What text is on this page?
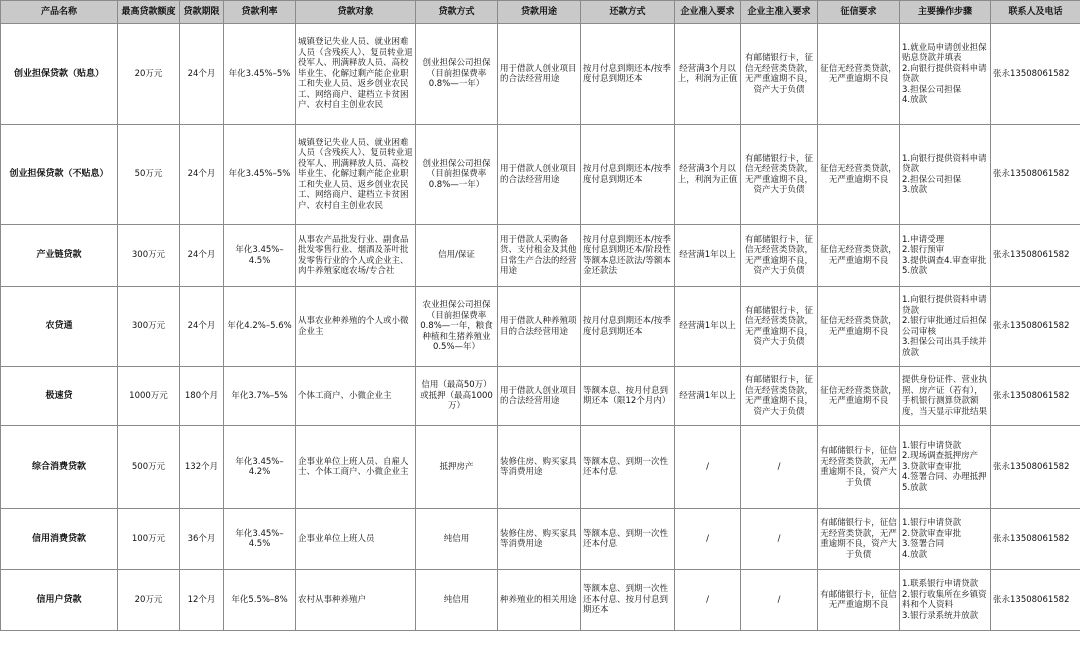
产品名称	最高贷款额度	贷款期限	贷款利率	贷款对象	贷款方式	贷款用途	还款方式	企业准入要求	企业主准入要求	征信要求	主要操作步骤	联系人及电话
创业担保贷款（贴息）	20万元	24个月	年化3.45%–5%	城镇登记失业人员、就业困难人员（含残疾人）、复员转业退役军人、刑满释放人员、高校毕业生、化解过剩产能企业职工和失业人员、返乡创业农民工、网络商户、建档立卡贫困户、农村自主创业农民	创业担保公司担保（目前担保费率0.8%—一年）	用于借款人创业项目的合法经营用途	按月付息到期还本/按季度付息到期还本	经营满3个月以上，利润为正值	有邮储银行卡，征信无经营类贷款，无严重逾期不良，资产大于负债	征信无经营类贷款，无严重逾期不良	1.就业局申请创业担保贴息贷款并填表
2.向银行提供资料申请贷款
3.担保公司担保
4.放款	张永13508061582
创业担保贷款（不贴息）	50万元	24个月	年化3.45%–5%	城镇登记失业人员、就业困难人员（含残疾人）、复员转业退役军人、刑满释放人员、高校毕业生、化解过剩产能企业职工和失业人员、返乡创业农民工、网络商户、建档立卡贫困户、农村自主创业农民	创业担保公司担保（目前担保费率0.8%—一年）	用于借款人创业项目的合法经营用途	按月付息到期还本/按季度付息到期还本	经营满3个月以上，利润为正值	有邮储银行卡，征信无经营类贷款，无严重逾期不良，资产大于负债	征信无经营类贷款，无严重逾期不良	1.向银行提供资料申请贷款
2.担保公司担保
3.放款	张永13508061582
产业链贷款	300万元	24个月	年化3.45%–4.5%	从事农产品批发行业、副食品批发零售行业、烟酒及茶叶批发零售行业的个人或企业主、肉牛养殖家庭农场/专合社	信用/保证	用于借款人采购备货、支付租金及其他日常生产合法的经营用途	按月付息到期还本/按季度付息到期还本/阶段性等额本息还款法/等额本金还款法	经营满1年以上	有邮储银行卡，征信无经营类贷款，无严重逾期不良，资产大于负债	征信无经营类贷款，无严重逾期不良	1.申请受理
2.银行预审
3.提供调查4.审查审批5.放款	张永13508061582
农贷通	300万元	24个月	年化4.2%–5.6%	从事农业种养殖的个人或小微企业主	农业担保公司担保（目前担保费率0.8%—一年，粮食种植和生猪养殖业0.5%—年）	用于借款人种养殖项目的合法经营用途	按月付息到期还本/按季度付息到期还本	经营满1年以上	有邮储银行卡，征信无经营类贷款，无严重逾期不良，资产大于负债	征信无经营类贷款，无严重逾期不良	1.向银行提供资料申请贷款
2.银行审批通过后担保公司审核
3.担保公司出具手续并放款	张永13508061582
极速贷	1000万元	180个月	年化3.7%–5%	个体工商户、小微企业主	信用（最高50万）或抵押（最高1000万）	用于借款人创业项目的合法经营用途	等额本息、按月付息到期还本（限12个月内）	经营满1年以上	有邮储银行卡，征信无经营类贷款，无严重逾期不良，资产大于负债	征信无经营类贷款，无严重逾期不良	提供身份证件、营业执照、房产证（若有），手机银行测算贷款额度，当天显示审批结果	张永13508061582
综合消费贷款	500万元	132个月	年化3.45%–4.2%	企事业单位上班人员、自雇人士、个体工商户、小微企业主	抵押房产	装修住房、购买家具等消费用途	等额本息、到期一次性还本付息	/	/	有邮储银行卡，征信无经营类贷款，无严重逾期不良，资产大于负债	1.银行申请贷款
2.现场调查抵押房产
3.贷款审查审批
4.签署合同、办理抵押
5.放款	张永13508061582
信用消费贷款	100万元	36个月	年化3.45%–4.5%	企事业单位上班人员	纯信用	装修住房、购买家具等消费用途	等额本息、到期一次性还本付息	/	/	有邮储银行卡，征信无经营类贷款，无严重逾期不良，资产大于负债	1.银行申请贷款
2.贷款审查审批
3.签署合同
4.放款	张永13508061582
信用户贷款	20万元	12个月	年化5.5%–8%	农村从事种养殖户	纯信用	种养殖业的相关用途	等额本息、到期一次性还本付息、按月付息到期还本	/	/	有邮储银行卡，征信无严重逾期不良	1.联系银行申请贷款
2.银行收集所在乡镇资料和个人资料
3.银行录系统并放款	张永13508061582
